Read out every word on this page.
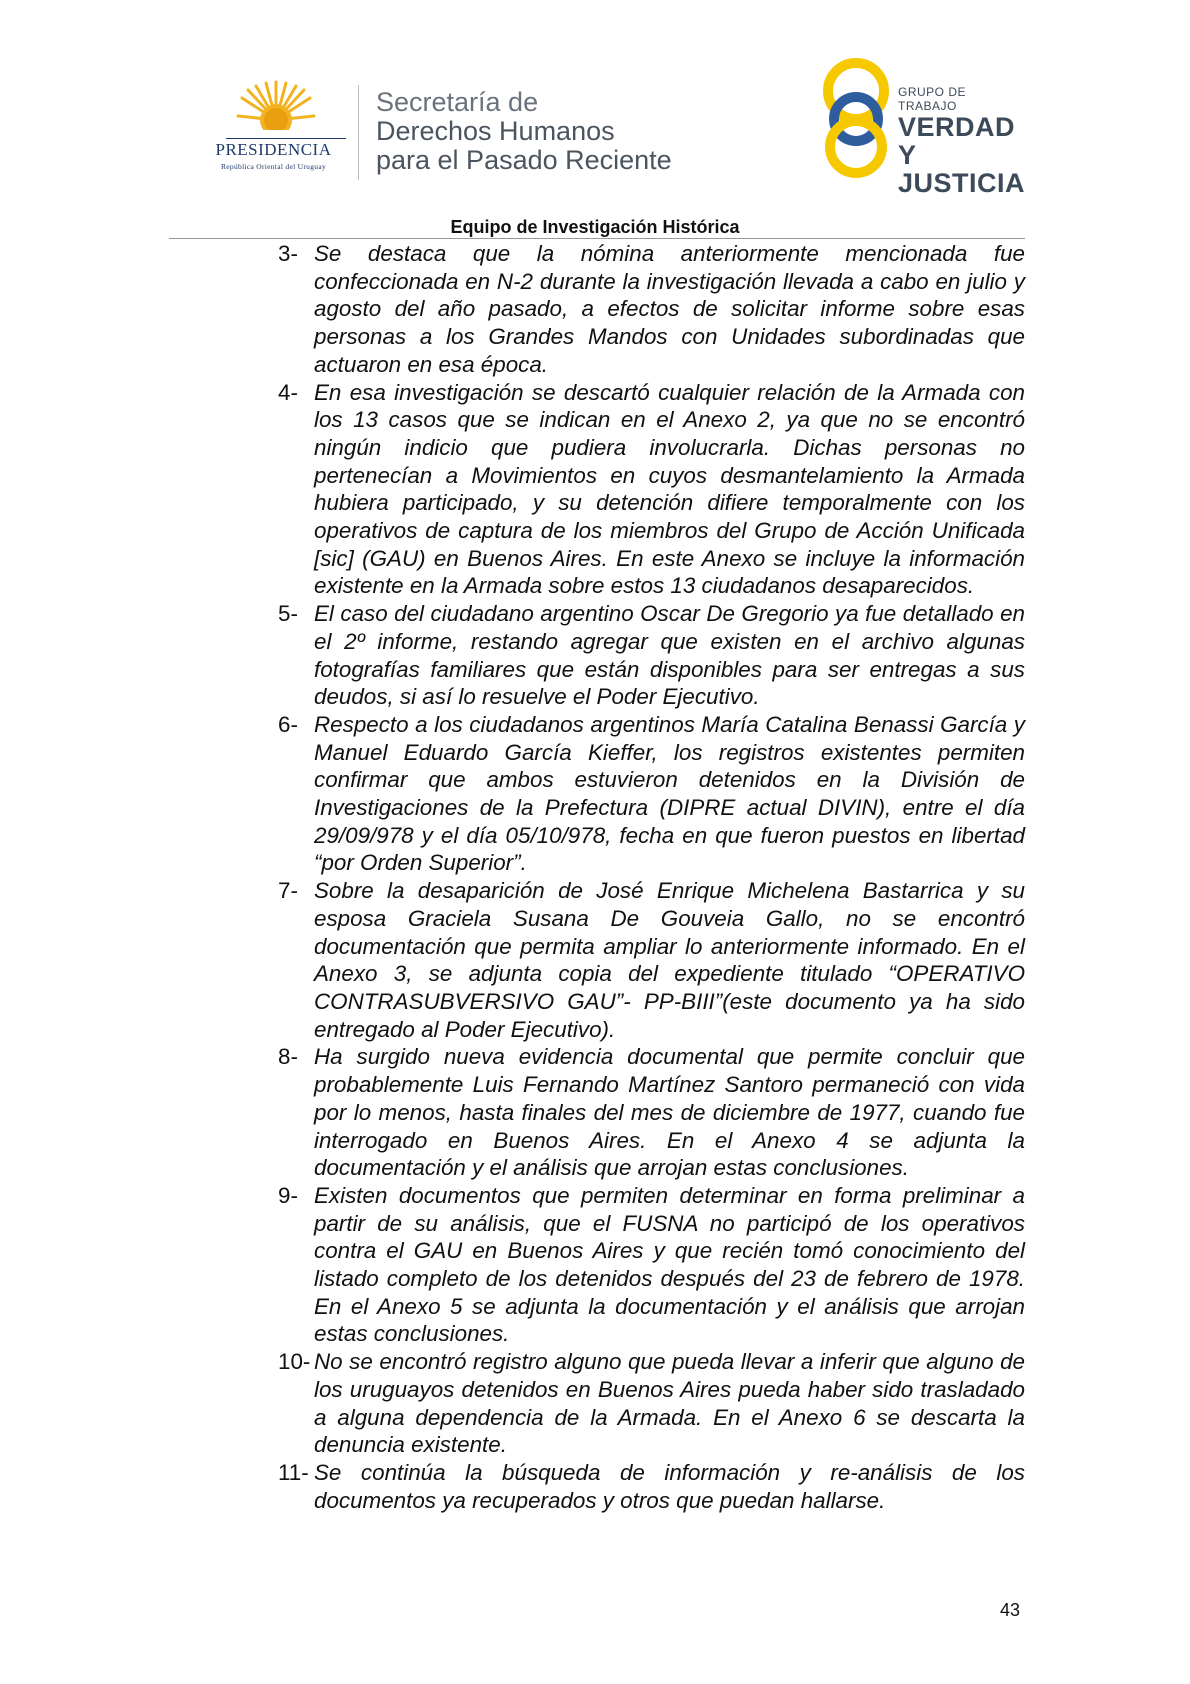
PRESIDENCIA
República Oriental del Uruguay
Secretaría de
Derechos Humanos
para el Pasado Reciente
GRUPO DE TRABAJO
VERDAD Y
JUSTICIA
Equipo de Investigación Histórica
3- Se destaca que la nómina anteriormente mencionada fue confeccionada en N-2 durante la investigación llevada a cabo en julio y agosto del año pasado, a efectos de solicitar informe sobre esas personas a los Grandes Mandos con Unidades subordinadas que actuaron en esa época.
4- En esa investigación se descartó cualquier relación de la Armada con los 13 casos que se indican en el Anexo 2, ya que no se encontró ningún indicio que pudiera involucrarla. Dichas personas no pertenecían a Movimientos en cuyos desmantelamiento la Armada hubiera participado, y su detención difiere temporalmente con los operativos de captura de los miembros del Grupo de Acción Unificada [sic] (GAU) en Buenos Aires. En este Anexo se incluye la información existente en la Armada sobre estos 13 ciudadanos desaparecidos.
5- El caso del ciudadano argentino Oscar De Gregorio ya fue detallado en el 2º informe, restando agregar que existen en el archivo algunas fotografías familiares que están disponibles para ser entregas a sus deudos, si así lo resuelve el Poder Ejecutivo.
6- Respecto a los ciudadanos argentinos María Catalina Benassi García y Manuel Eduardo García Kieffer, los registros existentes permiten confirmar que ambos estuvieron detenidos en la División de Investigaciones de la Prefectura (DIPRE actual DIVIN), entre el día 29/09/978 y el día 05/10/978, fecha en que fueron puestos en libertad “por Orden Superior”.
7- Sobre la desaparición de José Enrique Michelena Bastarrica y su esposa Graciela Susana De Gouveia Gallo, no se encontró documentación que permita ampliar lo anteriormente informado. En el Anexo 3, se adjunta copia del expediente titulado “OPERATIVO CONTRASUBVERSIVO GAU”- PP-BIII”(este documento ya ha sido entregado al Poder Ejecutivo).
8- Ha surgido nueva evidencia documental que permite concluir que probablemente Luis Fernando Martínez Santoro permaneció con vida por lo menos, hasta finales del mes de diciembre de 1977, cuando fue interrogado en Buenos Aires. En el Anexo 4 se adjunta la documentación y el análisis que arrojan estas conclusiones.
9- Existen documentos que permiten determinar en forma preliminar a partir de su análisis, que el FUSNA no participó de los operativos contra el GAU en Buenos Aires y que recién tomó conocimiento del listado completo de los detenidos después del 23 de febrero de 1978. En el Anexo 5 se adjunta la documentación y el análisis que arrojan estas conclusiones.
10- No se encontró registro alguno que pueda llevar a inferir que alguno de los uruguayos detenidos en Buenos Aires pueda haber sido trasladado a alguna dependencia de la Armada. En el Anexo 6 se descarta la denuncia existente.
11- Se continúa la búsqueda de información y re-análisis de los documentos ya recuperados y otros que puedan hallarse.
43
